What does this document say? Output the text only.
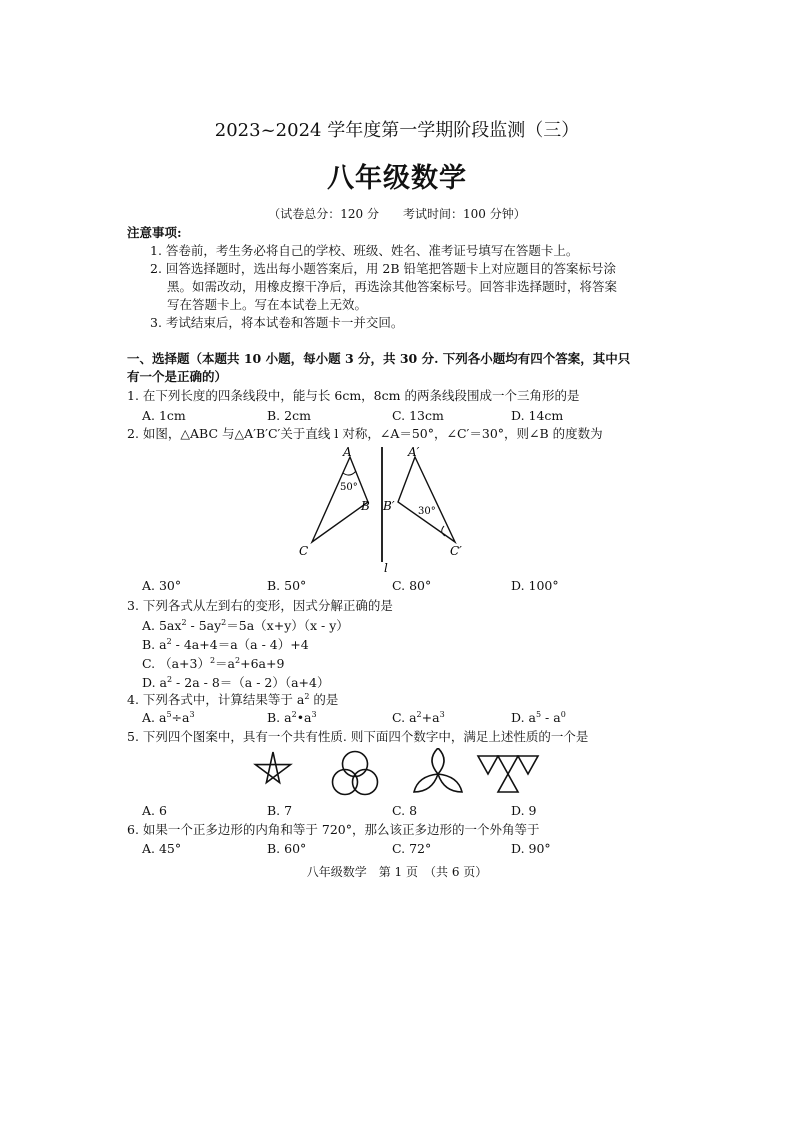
2023~2024 学年度第一学期阶段监测（三）
八年级数学
（试卷总分：120 分　　考试时间：100 分钟）
注意事项:
1. 答卷前，考生务必将自己的学校、班级、姓名、准考证号填写在答题卡上。
2. 回答选择题时，选出每小题答案后，用 2B 铅笔把答题卡上对应题目的答案标号涂
黑。如需改动，用橡皮擦干净后，再选涂其他答案标号。回答非选择题时，将答案
写在答题卡上。写在本试卷上无效。
3. 考试结束后，将本试卷和答题卡一并交回。
一、选择题（本题共 10 小题，每小题 3 分，共 30 分. 下列各小题均有四个答案，其中只
有一个是正确的）
1. 在下列长度的四条线段中，能与长 6cm，8cm 的两条线段围成一个三角形的是
A. 1cm	B. 2cm	C. 13cm	D. 14cm
2. 如图，△ABC 与△A′B′C′关于直线 l 对称，∠A＝50°，∠C′＝30°，则∠B 的度数为
A
50°
B
C
A′
B′ 30°
C′
l
A. 30°	B. 50°	C. 80°	D. 100°
3. 下列各式从左到右的变形，因式分解正确的是
A. $5ax^2 - 5ay^2=5a(x+y)(x - y)$
B. $a^2 - 4a+4=a(a - 4)+4$
C. $(a+3)^2=a^2+6a+9$
D. $a^2 - 2a - 8=(a - 2)(a+4)$
4. 下列各式中，计算结果等于 $a^2$ 的是
A. $a^5\div a^3$	B. $a^2•a^3$	C. $a^2+a^3$	D. $a^5 - a^0$
5. 下列四个图案中，具有一个共有性质. 则下面四个数字中，满足上述性质的一个是
A. 6	B. 7	C. 8	D. 9
6. 如果一个正多边形的内角和等于 720°，那么该正多边形的一个外角等于
A. 45°	B. 60°	C. 72°	D. 90°
八年级数学　第 1 页　（共 6 页）
